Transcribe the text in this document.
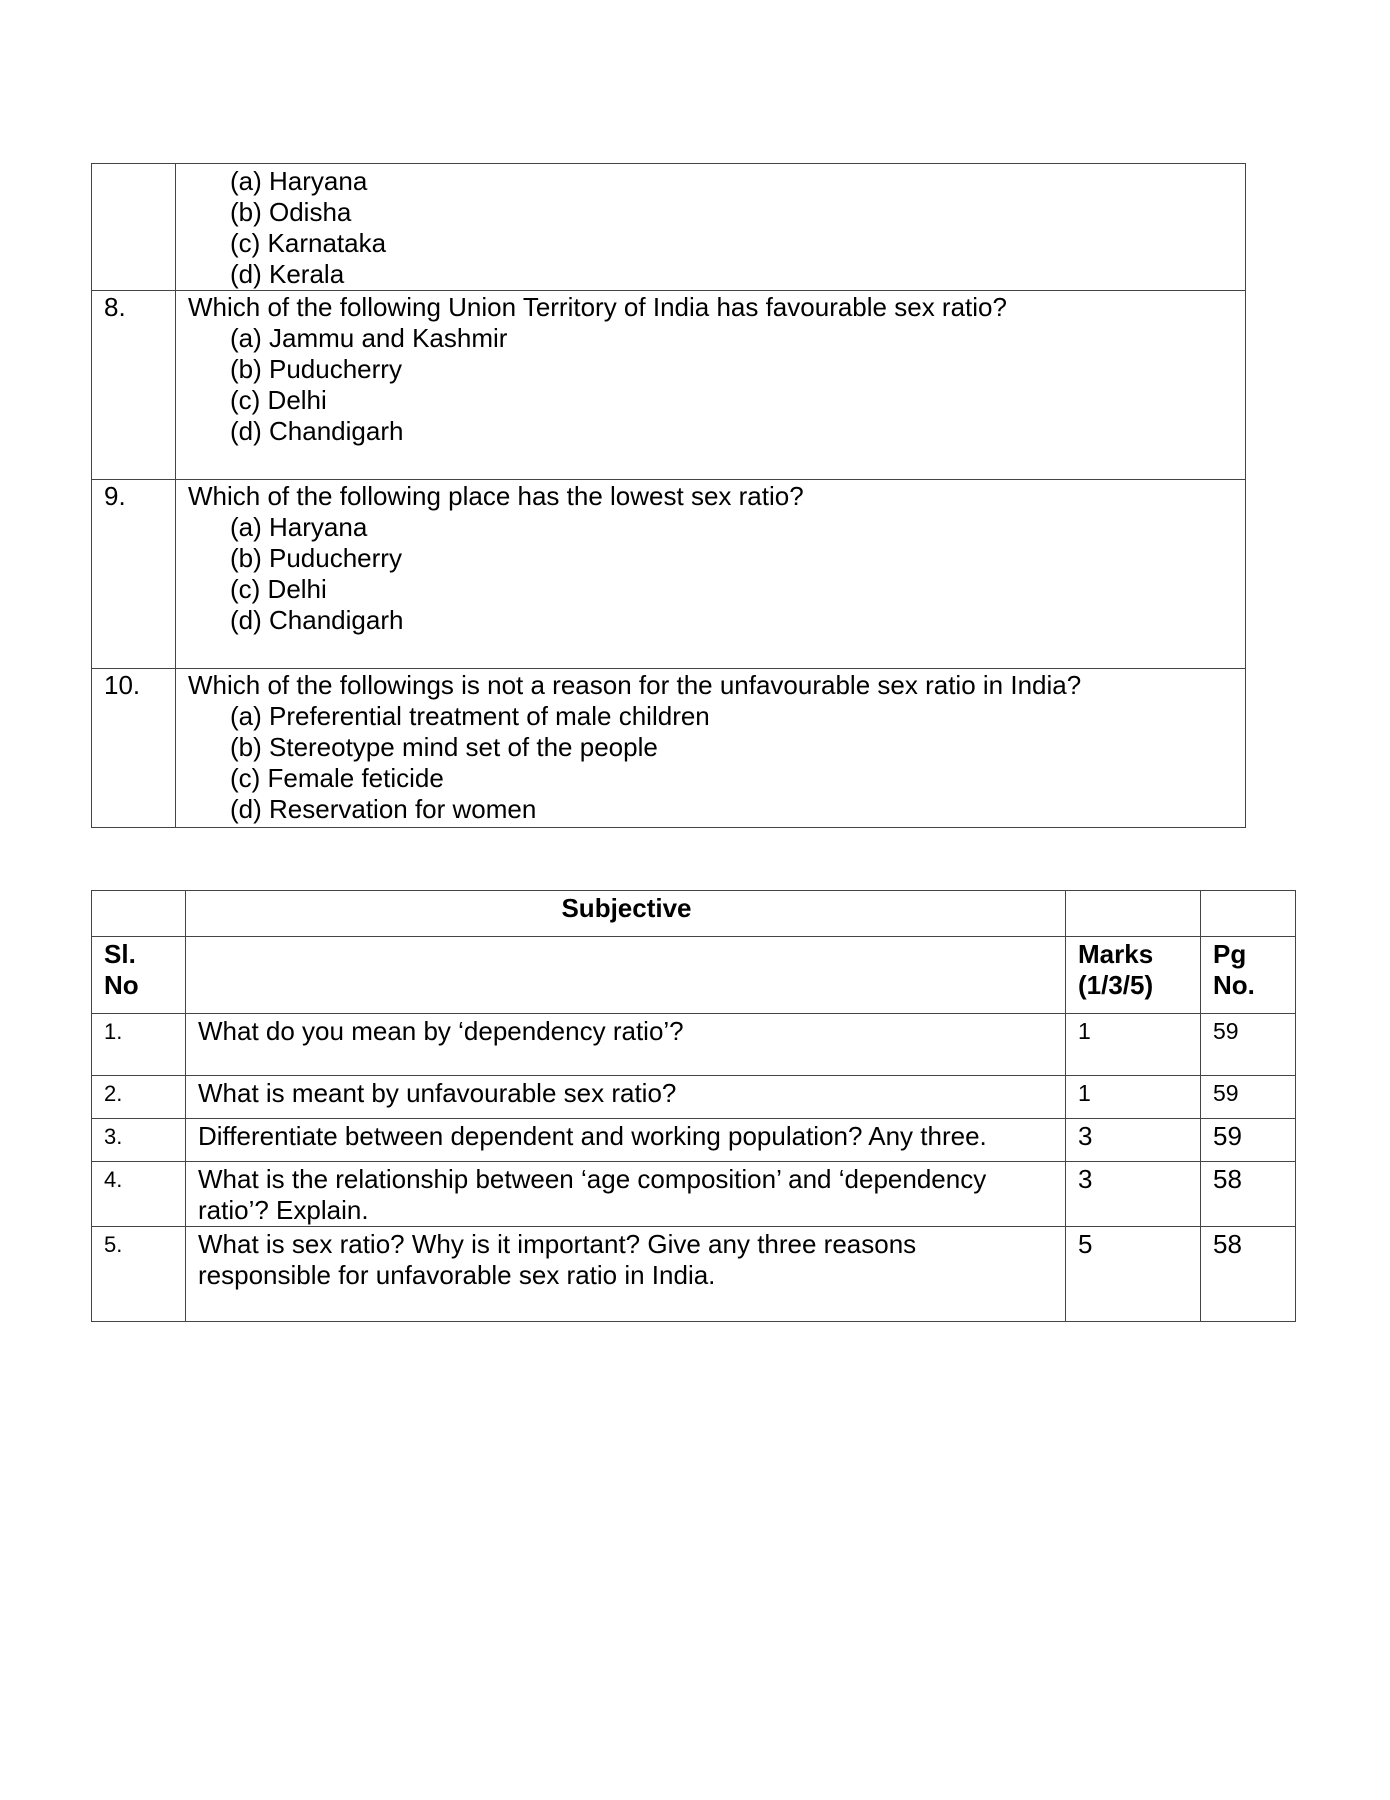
	(a) Haryana
(b) Odisha
(c) Karnataka
(d) Kerala

8.	Which of the following Union Territory of India has favourable sex ratio?
(a) Jammu and Kashmir
(b) Puducherry
(c) Delhi
(d) Chandigarh

9.	Which of the following place has the lowest sex ratio?
(a) Haryana
(b) Puducherry
(c) Delhi
(d) Chandigarh

10.	Which of the followings is not a reason for the unfavourable sex ratio in India?
(a) Preferential treatment of male children
(b) Stereotype mind set of the people
(c) Female feticide
(d) Reservation for women
	Subjective		
Sl. No		Marks (1/3/5)	Pg No.
1.	What do you mean by ‘dependency ratio’?	1	59
2.	What is meant by unfavourable sex ratio?	1	59
3.	Differentiate between dependent and working population? Any three.	3	59
4.	What is the relationship between ‘age composition’ and ‘dependency ratio’? Explain.	3	58
5.	What is sex ratio? Why is it important? Give any three reasons responsible for unfavorable sex ratio in India.	5	58
